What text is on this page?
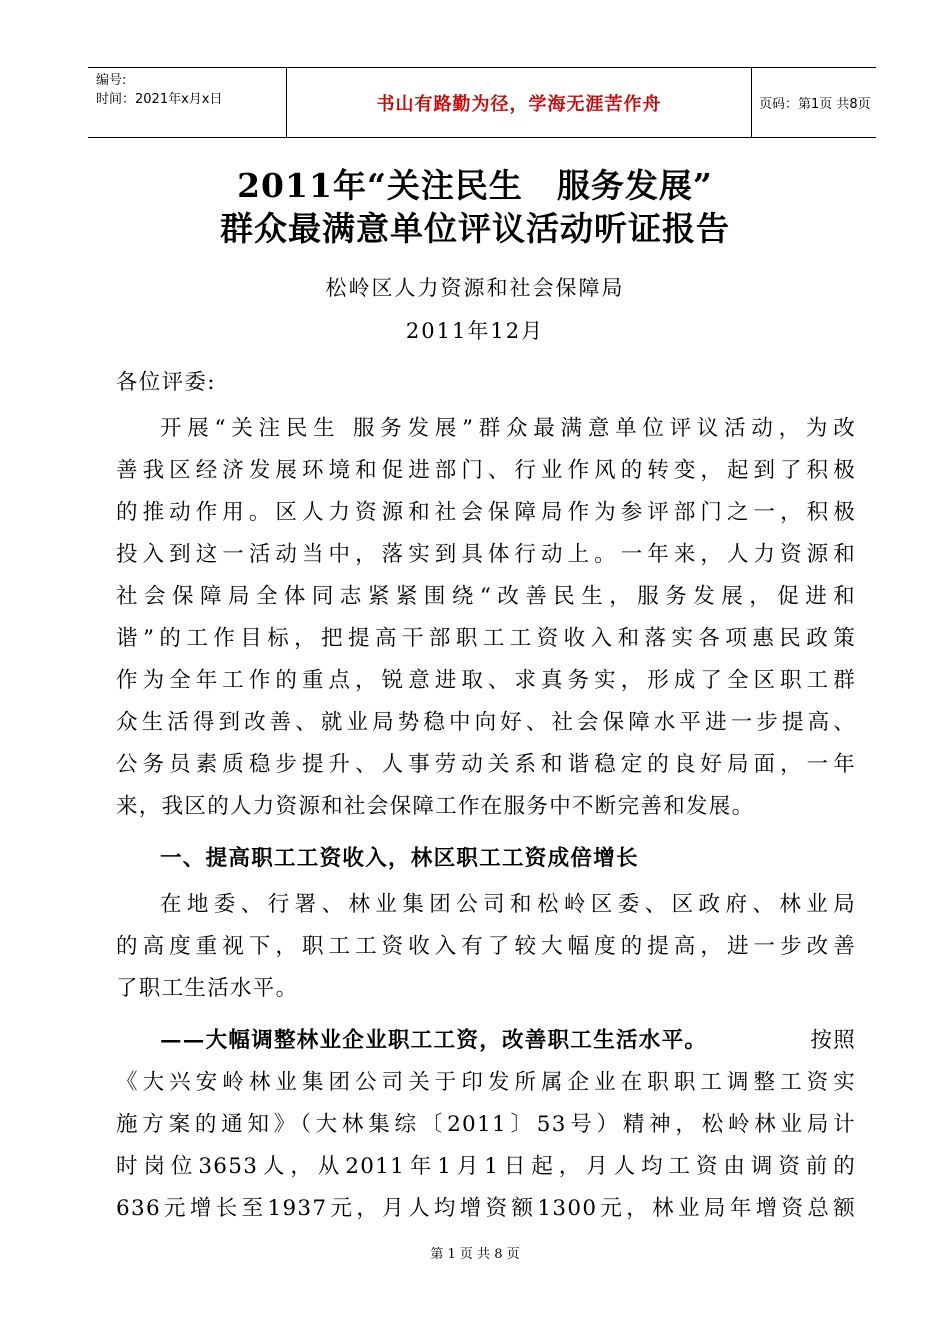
编号:
时间：2021年x月x日	书山有路勤为径，学海无涯苦作舟	页码：第1页 共8页
2011年“关注民生　服务发展”
群众最满意单位评议活动听证报告
松岭区人力资源和社会保障局
2011年12月
各位评委:
开展“关注民生 服务发展”群众最满意单位评议活动，为改
善我区经济发展环境和促进部门、行业作风的转变，起到了积极
的推动作用。区人力资源和社会保障局作为参评部门之一，积极
投入到这一活动当中，落实到具体行动上。一年来，人力资源和
社会保障局全体同志紧紧围绕“改善民生，服务发展，促进和
谐”的工作目标，把提高干部职工工资收入和落实各项惠民政策
作为全年工作的重点，锐意进取、求真务实，形成了全区职工群
众生活得到改善、就业局势稳中向好、社会保障水平进一步提高、
公务员素质稳步提升、人事劳动关系和谐稳定的良好局面，一年
来，我区的人力资源和社会保障工作在服务中不断完善和发展。
一、提高职工工资收入，林区职工工资成倍增长
在地委、行署、林业集团公司和松岭区委、区政府、林业局
的高度重视下，职工工资收入有了较大幅度的提高，进一步改善
了职工生活水平。
——大幅调整林业企业职工工资，改善职工生活水平。	按照
《大兴安岭林业集团公司关于印发所属企业在职职工调整工资实
施方案的通知》（大林集综〔2011〕53号）精神，松岭林业局计
时岗位3653人，从2011年1月1日起，月人均工资由调资前的
636元增长至1937元，月人均增资额1300元，林业局年增资总额
第 1 页 共 8 页
